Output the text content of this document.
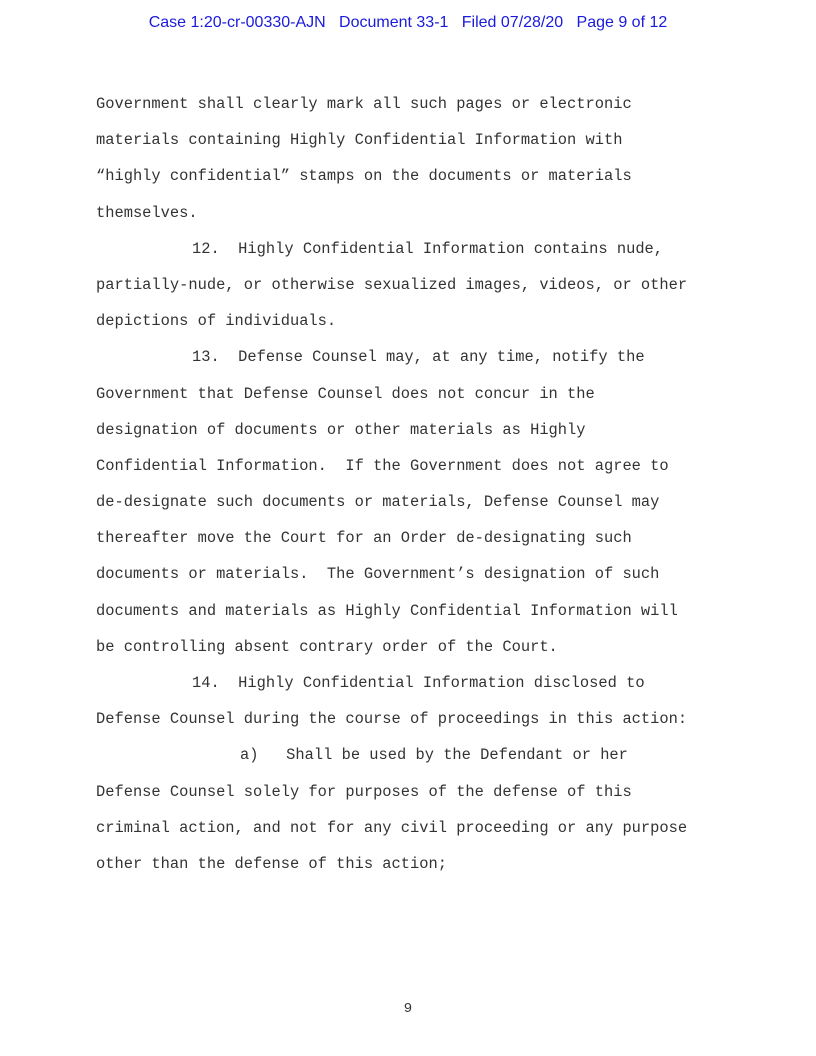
Case 1:20-cr-00330-AJN Document 33-1 Filed 07/28/20 Page 9 of 12
Government shall clearly mark all such pages or electronic
materials containing Highly Confidential Information with
“highly confidential” stamps on the documents or materials
themselves.
12.  Highly Confidential Information contains nude,
partially-nude, or otherwise sexualized images, videos, or other
depictions of individuals.
13.  Defense Counsel may, at any time, notify the
Government that Defense Counsel does not concur in the
designation of documents or other materials as Highly
Confidential Information.  If the Government does not agree to
de-designate such documents or materials, Defense Counsel may
thereafter move the Court for an Order de-designating such
documents or materials.  The Government’s designation of such
documents and materials as Highly Confidential Information will
be controlling absent contrary order of the Court.
14.  Highly Confidential Information disclosed to
Defense Counsel during the course of proceedings in this action:
a)   Shall be used by the Defendant or her
Defense Counsel solely for purposes of the defense of this
criminal action, and not for any civil proceeding or any purpose
other than the defense of this action;
9
